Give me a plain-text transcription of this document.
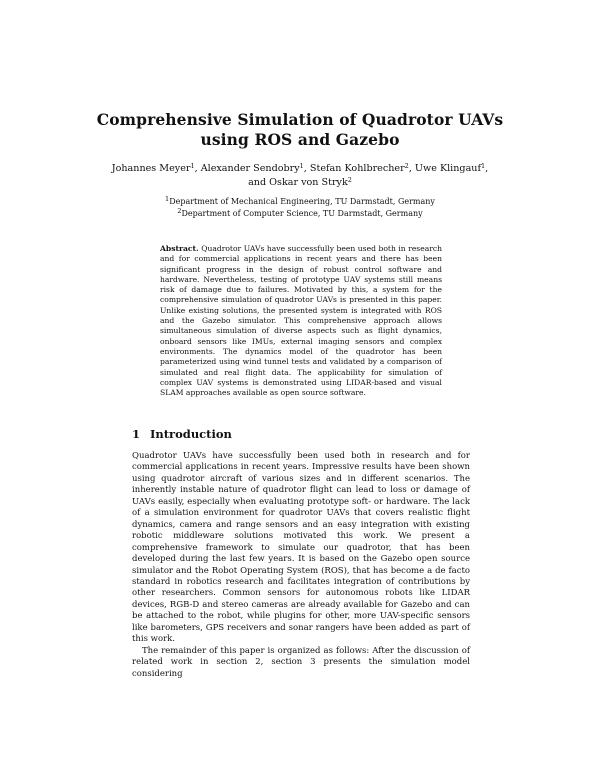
Comprehensive Simulation of Quadrotor UAVs
using ROS and Gazebo
Johannes Meyer$^1$, Alexander Sendobry$^1$, Stefan Kohlbrecher$^2$, Uwe Klingauf$^1$,
and Oskar von Stryk$^2$
$^1$Department of Mechanical Engineering, TU Darmstadt, Germany
$^2$Department of Computer Science, TU Darmstadt, Germany
Abstract. Quadrotor UAVs have successfully been used both in research and for commercial applications in recent years and there has been significant progress in the design of robust control software and hardware. Nevertheless, testing of prototype UAV systems still means risk of damage due to failures. Motivated by this, a system for the comprehensive simulation of quadrotor UAVs is presented in this paper. Unlike existing solutions, the presented system is integrated with ROS and the Gazebo simulator. This comprehensive approach allows simultaneous simulation of diverse aspects such as flight dynamics, onboard sensors like IMUs, external imaging sensors and complex environments. The dynamics model of the quadrotor has been parameterized using wind tunnel tests and validated by a comparison of simulated and real flight data. The applicability for simulation of complex UAV systems is demonstrated using LIDAR-based and visual SLAM approaches available as open source software.
1 Introduction

Quadrotor UAVs have successfully been used both in research and for commercial applications in recent years. Impressive results have been shown using quadrotor aircraft of various sizes and in different scenarios. The inherently instable nature of quadrotor flight can lead to loss or damage of UAVs easily, especially when evaluating prototype soft- or hardware. The lack of a simulation environment for quadrotor UAVs that covers realistic flight dynamics, camera and range sensors and an easy integration with existing robotic middleware solutions motivated this work. We present a comprehensive framework to simulate our quadrotor, that has been developed during the last few years. It is based on the Gazebo open source simulator and the Robot Operating System (ROS), that has become a de facto standard in robotics research and facilitates integration of contributions by other researchers. Common sensors for autonomous robots like LIDAR devices, RGB-D and stereo cameras are already available for Gazebo and can be attached to the robot, while plugins for other, more UAV-specific sensors like barometers, GPS receivers and sonar rangers have been added as part of this work.

The remainder of this paper is organized as follows: After the discussion of related work in section 2, section 3 presents the simulation model considering
